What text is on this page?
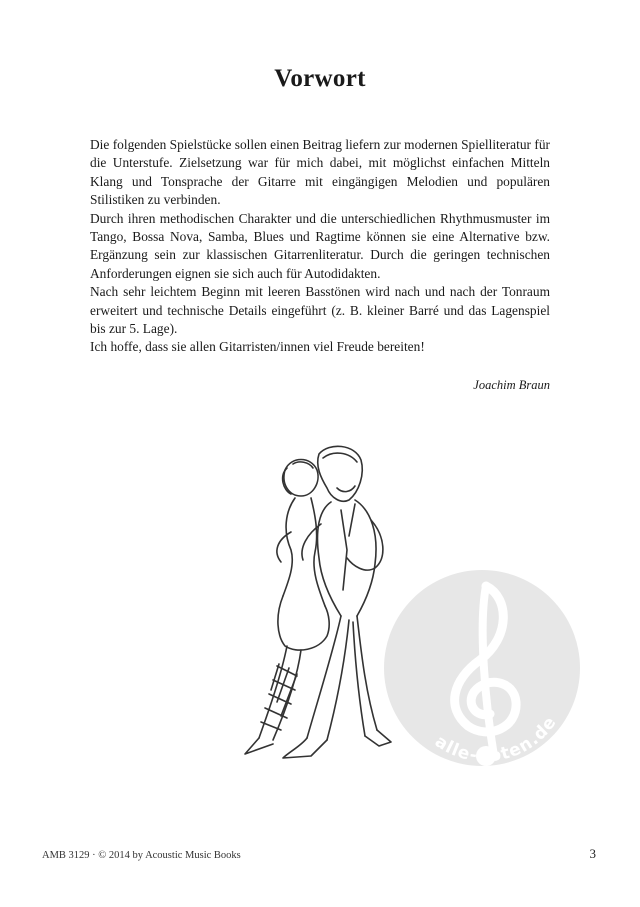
Vorwort

Die folgenden Spielstücke sollen einen Beitrag liefern zur modernen Spielliteratur für die Unterstufe. Zielsetzung war für mich dabei, mit möglichst einfachen Mitteln Klang und Tonsprache der Gitarre mit eingängigen Melodien und populären Stilistiken zu verbinden.

Durch ihren methodischen Charakter und die unterschiedlichen Rhythmusmuster im Tango, Bossa Nova, Samba, Blues und Ragtime können sie eine Alternative bzw. Ergänzung sein zur klassischen Gitarrenliteratur. Durch die geringen technischen Anforderungen eignen sie sich auch für Autodidakten.

Nach sehr leichtem Beginn mit leeren Basstönen wird nach und nach der Tonraum erweitert und technische Details eingeführt (z. B. kleiner Barré und das Lagenspiel bis zur 5. Lage).

Ich hoffe, dass sie allen Gitarristen/innen viel Freude bereiten!

Joachim Braun
alle-noten.de
AMB 3129 · © 2014 by Acoustic Music Books	3
